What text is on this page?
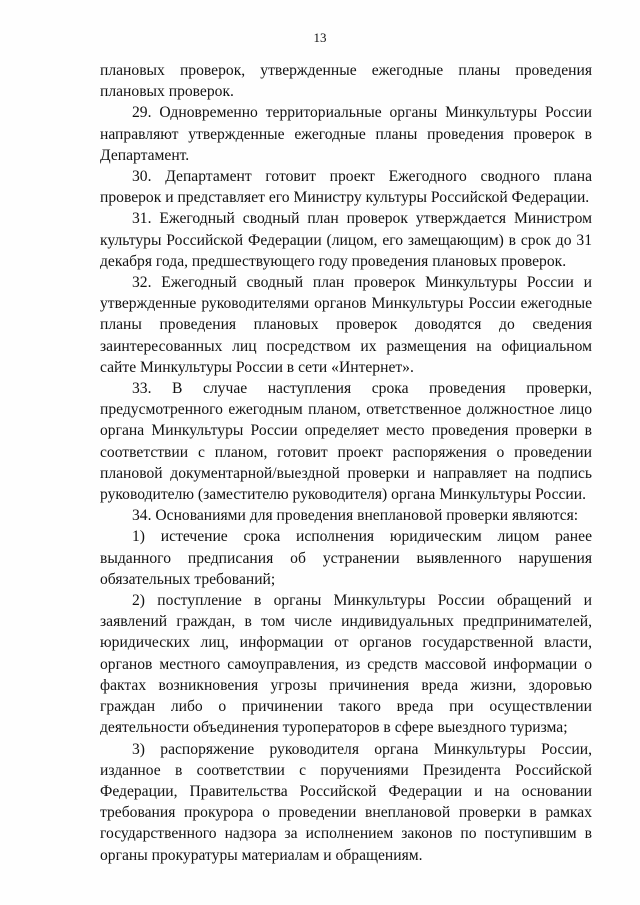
13

плановых проверок, утвержденные ежегодные планы проведения плановых проверок.

29. Одновременно территориальные органы Минкультуры России направляют утвержденные ежегодные планы проведения проверок в Департамент.

30. Департамент готовит проект Ежегодного сводного плана проверок и представляет его Министру культуры Российской Федерации.

31. Ежегодный сводный план проверок утверждается Министром культуры Российской Федерации (лицом, его замещающим) в срок до 31 декабря года, предшествующего году проведения плановых проверок.

32. Ежегодный сводный план проверок Минкультуры России и утвержденные руководителями органов Минкультуры России ежегодные планы проведения плановых проверок доводятся до сведения заинтересованных лиц посредством их размещения на официальном сайте Минкультуры России в сети «Интернет».

33. В случае наступления срока проведения проверки, предусмотренного ежегодным планом, ответственное должностное лицо органа Минкультуры России определяет место проведения проверки в соответствии с планом, готовит проект распоряжения о проведении плановой документарной/выездной проверки и направляет на подпись руководителю (заместителю руководителя) органа Минкультуры России.

34. Основаниями для проведения внеплановой проверки являются:

1) истечение срока исполнения юридическим лицом ранее выданного предписания об устранении выявленного нарушения обязательных требований;

2) поступление в органы Минкультуры России обращений и заявлений граждан, в том числе индивидуальных предпринимателей, юридических лиц, информации от органов государственной власти, органов местного самоуправления, из средств массовой информации о фактах возникновения угрозы причинения вреда жизни, здоровью граждан либо о причинении такого вреда при осуществлении деятельности объединения туроператоров в сфере выездного туризма;

3) распоряжение руководителя органа Минкультуры России, изданное в соответствии с поручениями Президента Российской Федерации, Правительства Российской Федерации и на основании требования прокурора о проведении внеплановой проверки в рамках государственного надзора за исполнением законов по поступившим в органы прокуратуры материалам и обращениям.
